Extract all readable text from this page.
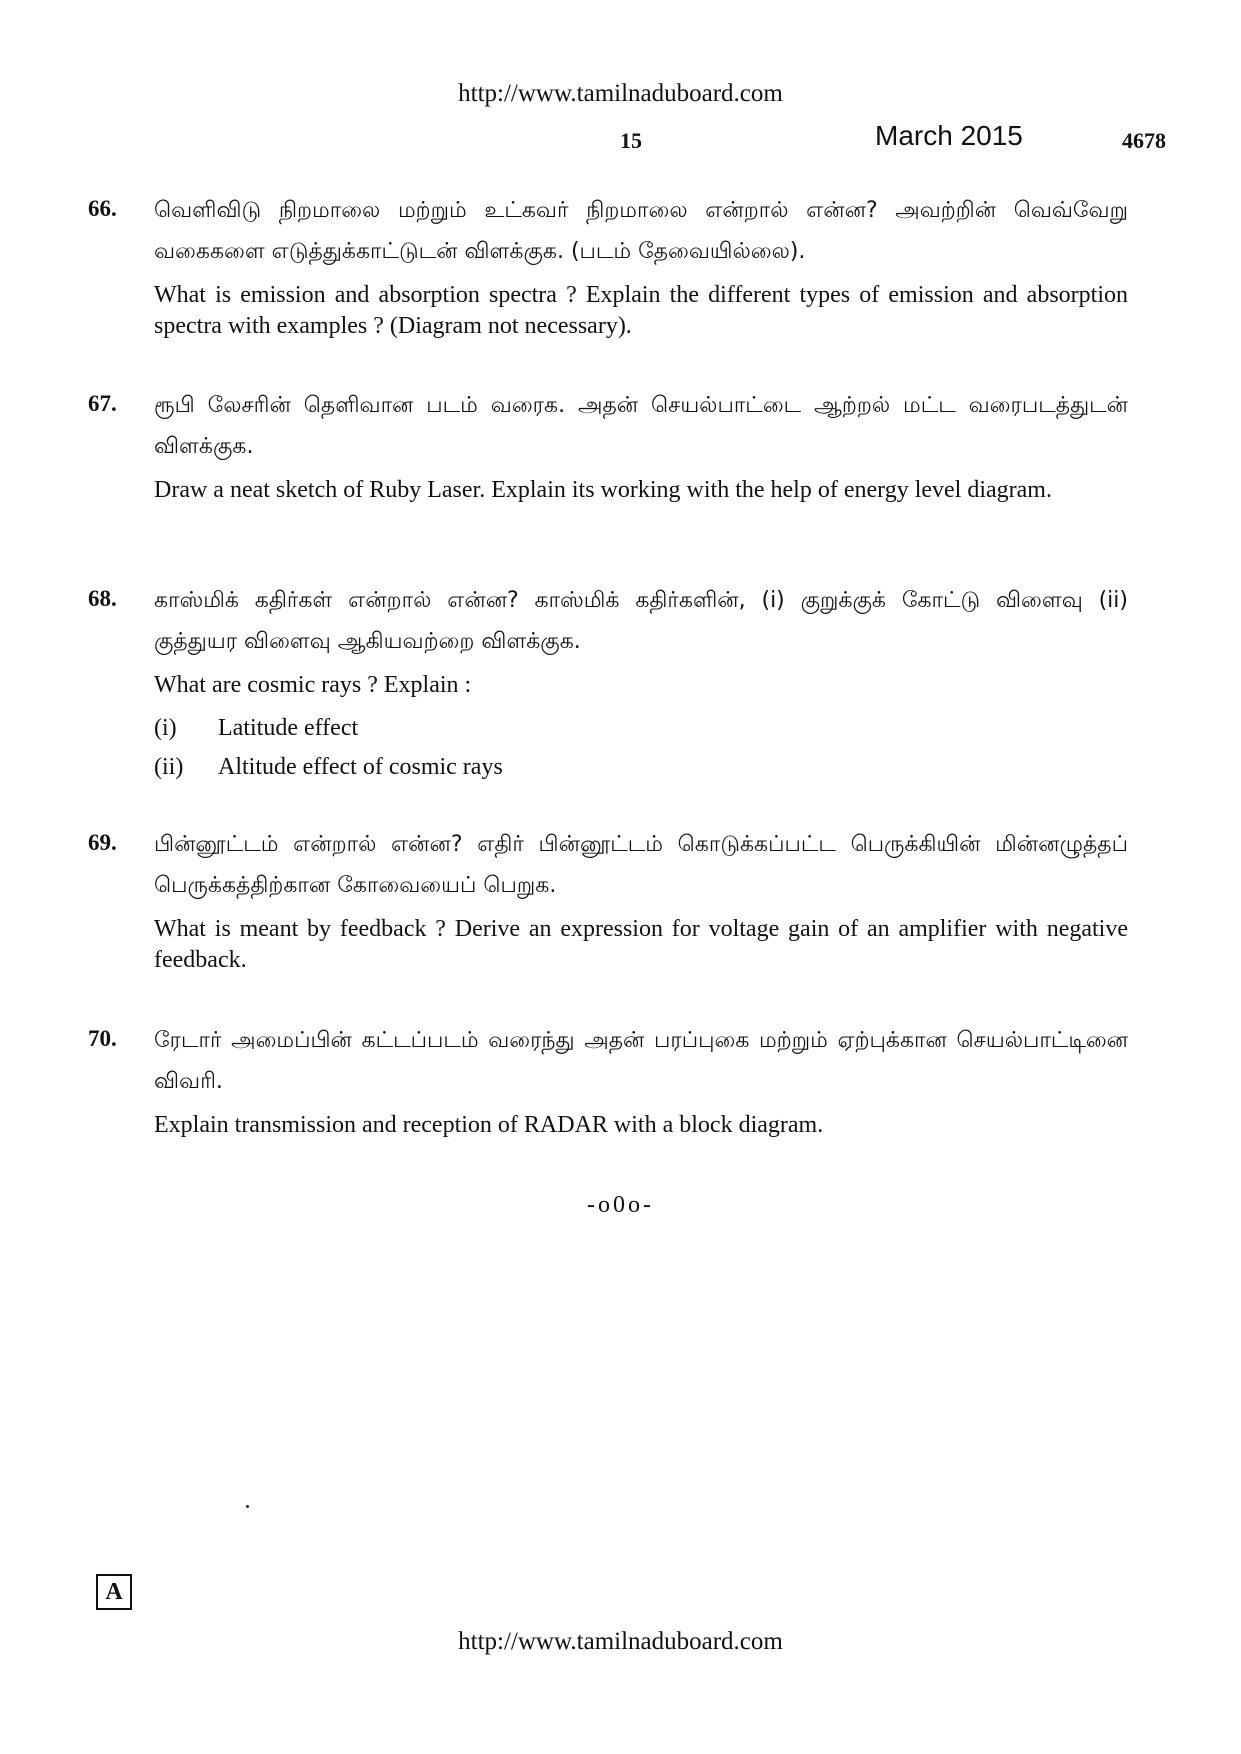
http://www.tamilnaduboard.com
15	March 2015	4678
66. வெளிவிடு நிறமாலை மற்றும் உட்கவர் நிறமாலை என்றால் என்ன? அவற்றின் வெவ்வேறு வகைகளை எடுத்துக்காட்டுடன் விளக்குக. (படம் தேவையில்லை).
What is emission and absorption spectra ? Explain the different types of emission and absorption spectra with examples ? (Diagram not necessary).
67. ரூபி லேசரின் தெளிவான படம் வரைக. அதன் செயல்பாட்டை ஆற்றல் மட்ட வரைபடத்துடன் விளக்குக.
Draw a neat sketch of Ruby Laser. Explain its working with the help of energy level diagram.
68. காஸ்மிக் கதிர்கள் என்றால் என்ன? காஸ்மிக் கதிர்களின், (i) குறுக்குக் கோட்டு விளைவு (ii) குத்துயர விளைவு ஆகியவற்றை விளக்குக.
What are cosmic rays ? Explain :
(i)	Latitude effect
(ii)	Altitude effect of cosmic rays
69. பின்னூட்டம் என்றால் என்ன? எதிர் பின்னூட்டம் கொடுக்கப்பட்ட பெருக்கியின் மின்னழுத்தப் பெருக்கத்திற்கான கோவையைப் பெறுக.
What is meant by feedback ? Derive an expression for voltage gain of an amplifier with negative feedback.
70. ரேடார் அமைப்பின் கட்டப்படம் வரைந்து அதன் பரப்புகை மற்றும் ஏற்புக்கான செயல்பாட்டினை விவரி.
Explain transmission and reception of RADAR with a block diagram.
-o0o-
A
http://www.tamilnaduboard.com
